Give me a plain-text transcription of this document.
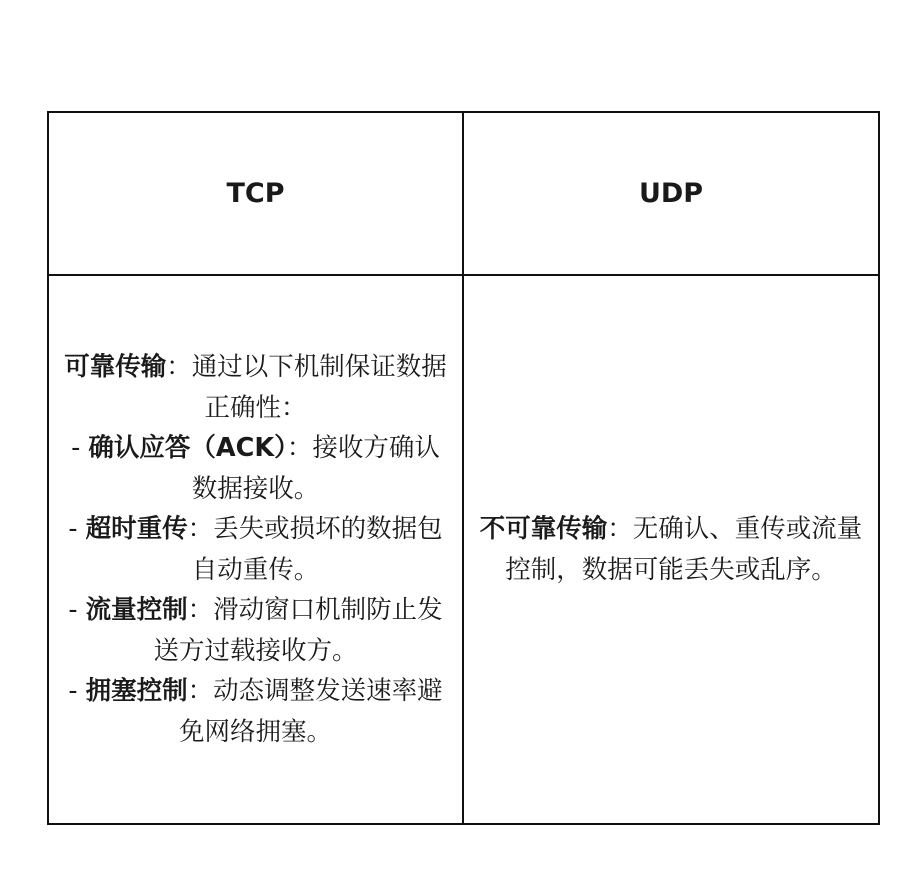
TCP	UDP

可靠传输：通过以下机制保证数据正确性：
- 确认应答（ACK）：接收方确认数据接收。
- 超时重传：丢失或损坏的数据包自动重传。
- 流量控制：滑动窗口机制防止发送方过载接收方。
- 拥塞控制：动态调整发送速率避免网络拥塞。	不可靠传输：无确认、重传或流量控制，数据可能丢失或乱序。
